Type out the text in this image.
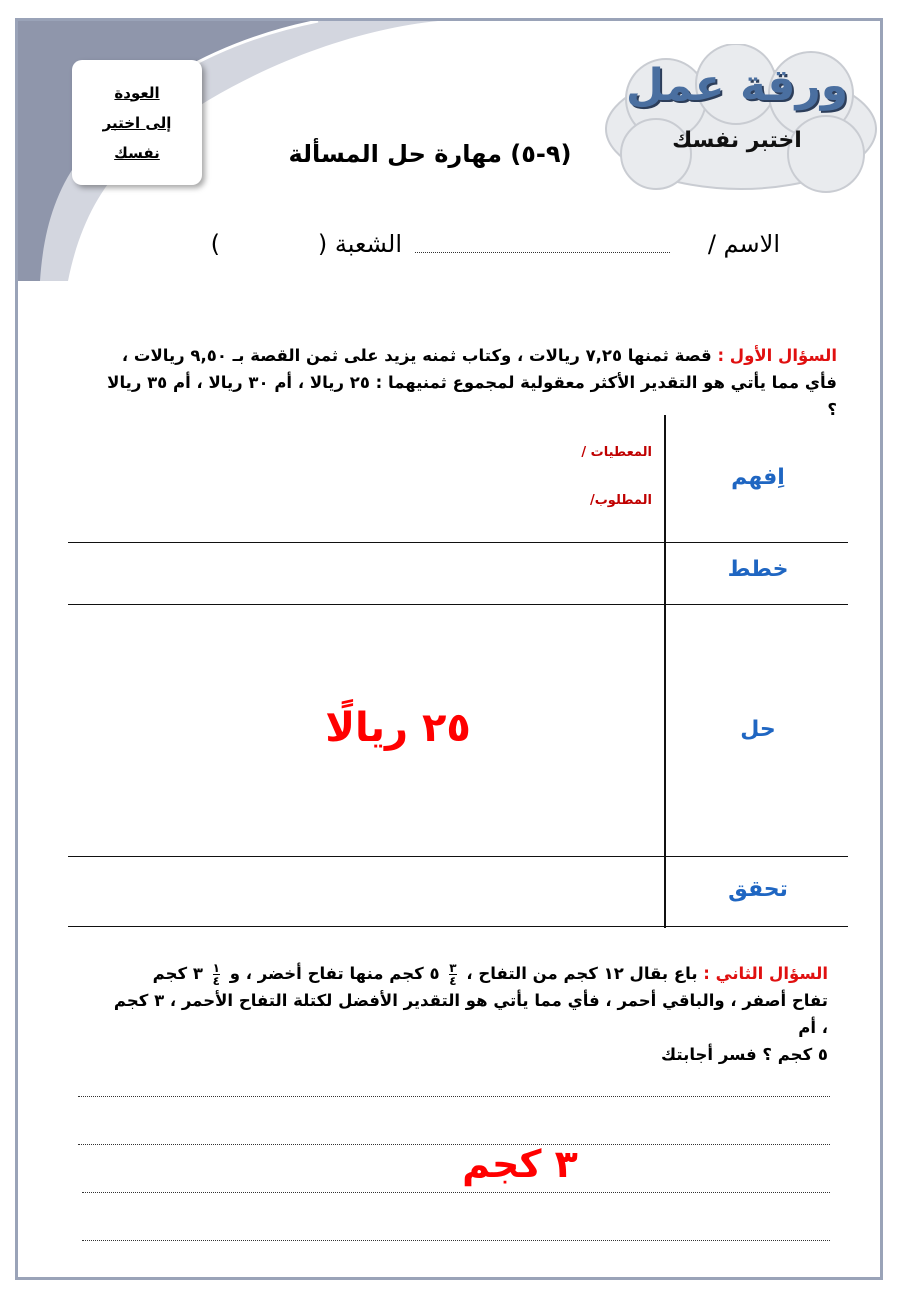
ورقة عمل
اختبر نفسك
العودة
إلى اختبر
نفسك	(٩-٥) مهارة حل المسألة
الاسم /
الشعبة (
)
السؤال الأول : قصة ثمنها ٧,٢٥ ريالات ، وكتاب ثمنه يزيد على ثمن القصة بـ ٩,٥٠ ريالات ،
فأي مما يأتي هو التقدير الأكثر معقولية لمجموع ثمنيهما : ٢٥ ريالا ، أم ٣٠ ريالا ، أم ٣٥ ريالا ؟
اِفهم
خطط
حل
تحقق
المعطيات /
المطلوب/
٢٥ ريالًا
السؤال الثاني : باع بقال ١٢ كجم من التفاح ،
$\frac{٣}{٤}$
٥ كجم منها تفاح أخضر ، و
$\frac{١}{٤}$
٣ كجم
تفاح أصفر ، والباقي أحمر ، فأي مما يأتي هو التقدير الأفضل لكتلة التفاح الأحمر ، ٣ كجم ، أم
٥ كجم ؟ فسر أجابتك
٣ كجم
